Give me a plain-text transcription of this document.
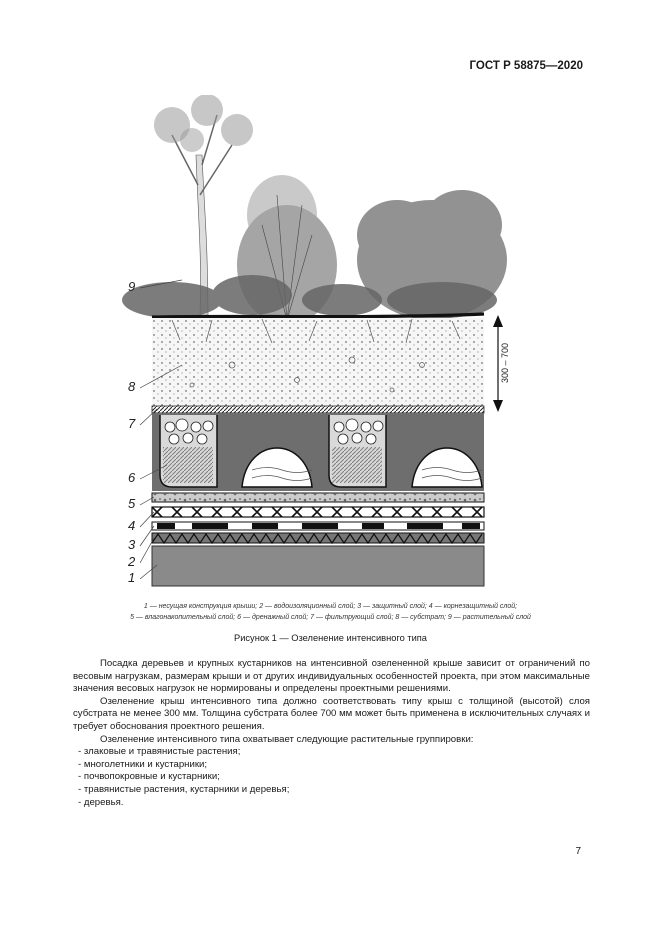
ГОСТ Р 58875—2020
300 – 700
9
8
7
6
5
4
3
2
1
1 — несущая конструкция крыши; 2 — водоизоляционный слой; 3 — защитный слой; 4 — корнезащитный слой;
5 — влагонакопительный слой; 6 — дренажный слой; 7 — фильтрующий слой; 8 — субстрат; 9 — растительный слой
Рисунок 1 — Озеленение интенсивного типа

Посадка деревьев и крупных кустарников на интенсивной озелененной крыше зависит от ограничений по весовым нагрузкам, размерам крыши и от других индивидуальных особенностей проекта, при этом максимальные значения весовых нагрузок не нормированы и определены проектными решениями.

Озеленение крыш интенсивного типа должно соответствовать типу крыш с толщиной (высотой) слоя субстрата не менее 300 мм. Толщина субстрата более 700 мм может быть применена в исключительных случаях и требует обоснования проектного решения.

Озеленение интенсивного типа охватывает следующие растительные группировки:

- злаковые и травянистые растения;
- многолетники и кустарники;
- почвопокровные и кустарники;
- травянистые растения, кустарники и деревья;
- деревья.
7
